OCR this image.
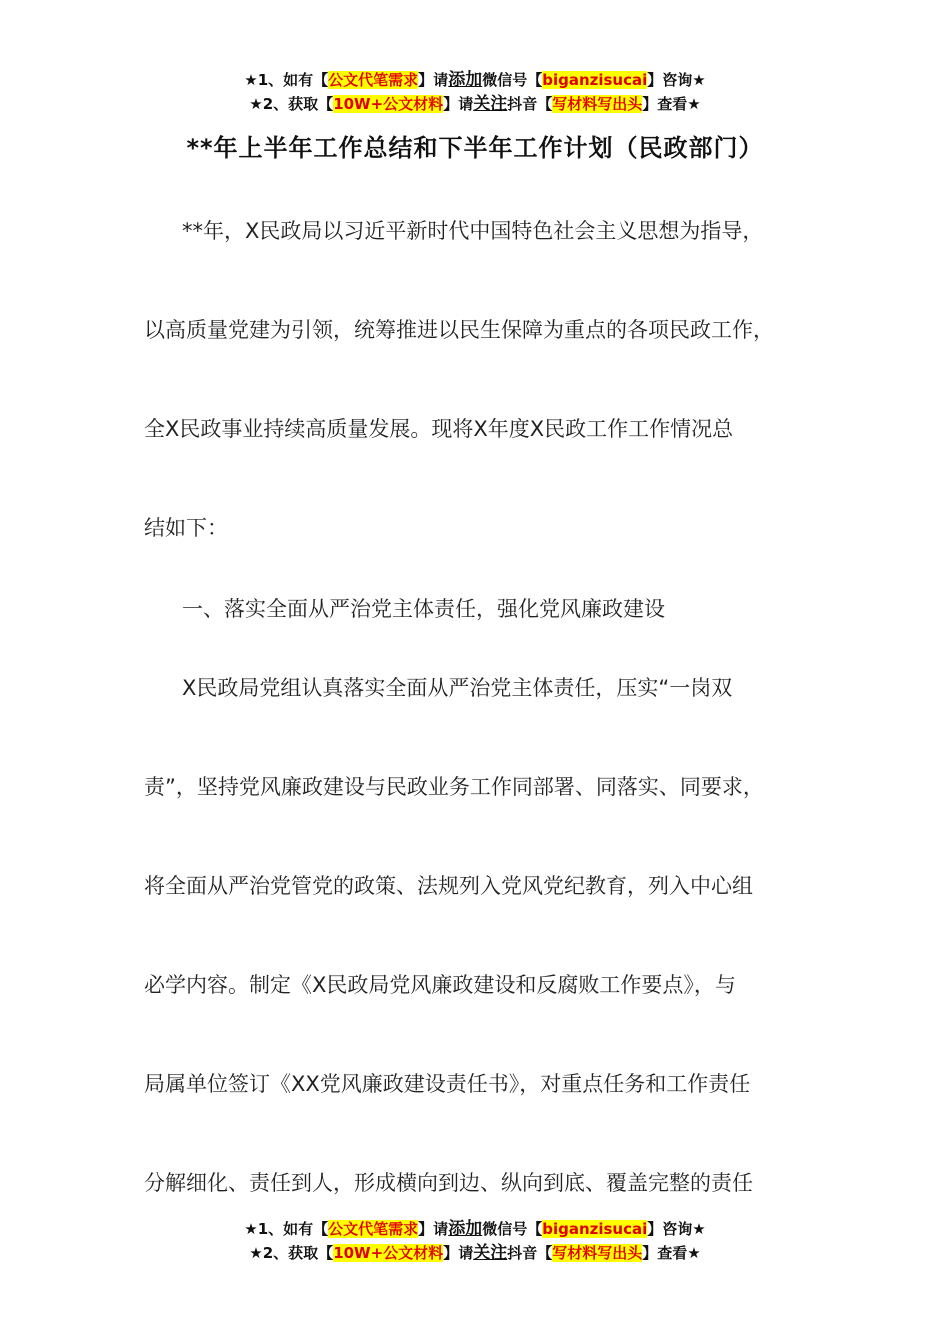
★1、如有【公文代笔需求】请添加微信号【biganzisucai】咨询★
★2、获取【10W+公文材料】请关注抖音【写材料写出头】查看★
**年上半年工作总结和下半年工作计划（民政部门）
**年，X民政局以习近平新时代中国特色社会主义思想为指导，
以高质量党建为引领，统筹推进以民生保障为重点的各项民政工作，
全X民政事业持续高质量发展。现将X年度X民政工作工作情况总
结如下：
一、落实全面从严治党主体责任，强化党风廉政建设
X民政局党组认真落实全面从严治党主体责任，压实“一岗双
责”，坚持党风廉政建设与民政业务工作同部署、同落实、同要求，
将全面从严治党管党的政策、法规列入党风党纪教育，列入中心组
必学内容。制定《X民政局党风廉政建设和反腐败工作要点》，与
局属单位签订《XX党风廉政建设责任书》，对重点任务和工作责任
分解细化、责任到人，形成横向到边、纵向到底、覆盖完整的责任
★1、如有【公文代笔需求】请添加微信号【biganzisucai】咨询★
★2、获取【10W+公文材料】请关注抖音【写材料写出头】查看★
